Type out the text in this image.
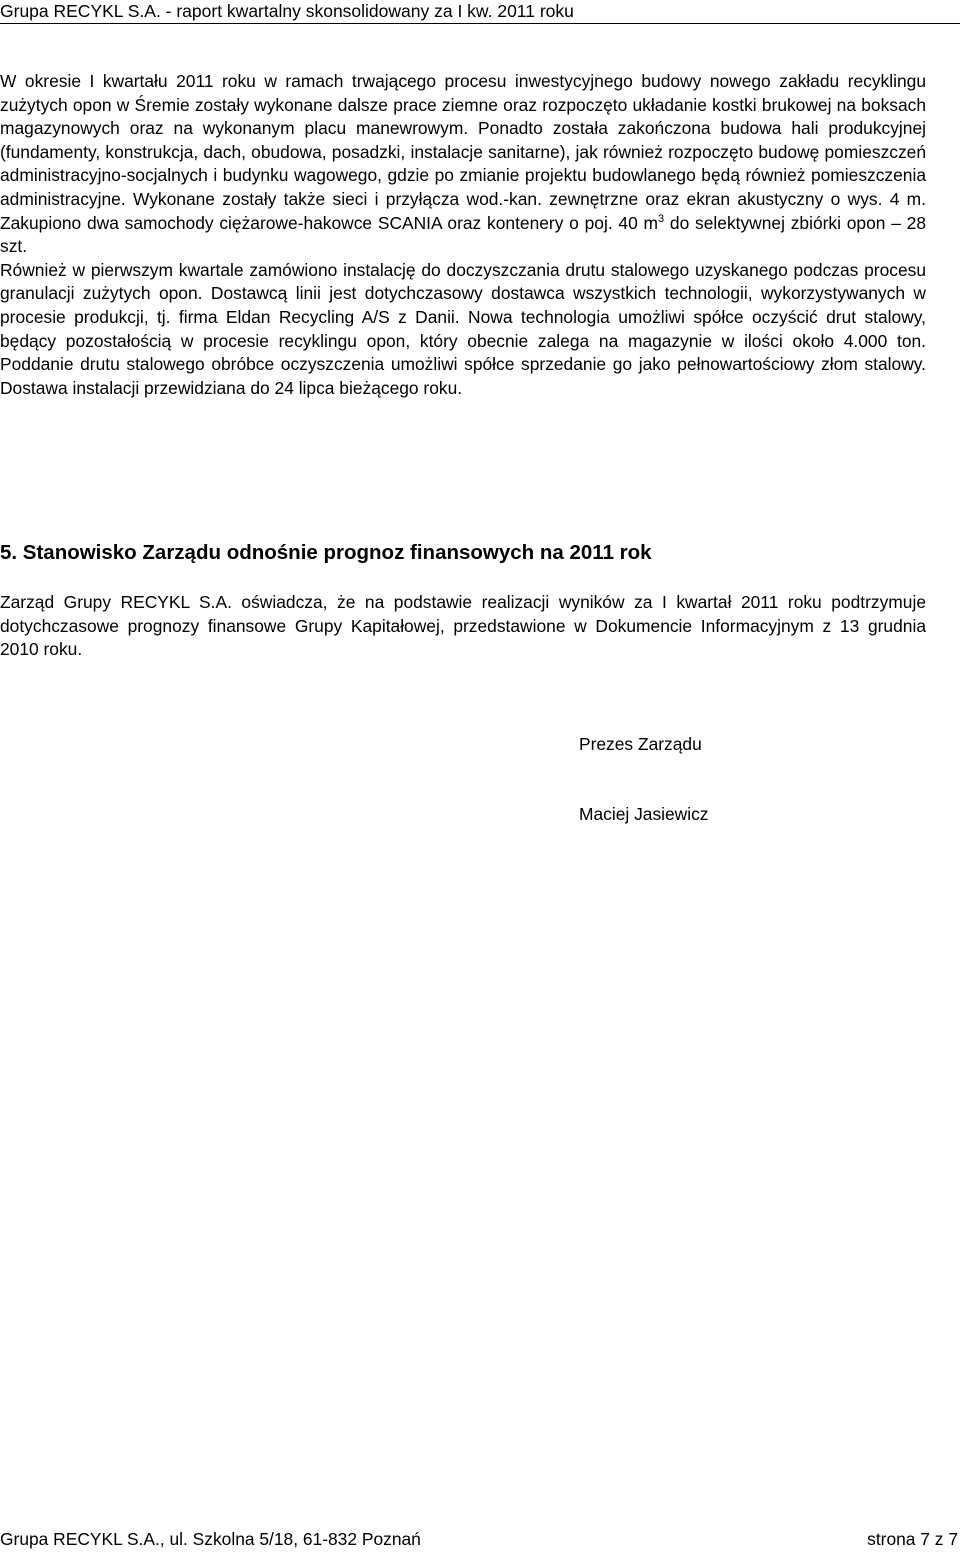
Grupa RECYKL S.A. - raport kwartalny skonsolidowany za I kw. 2011 roku

W okresie I kwartału 2011 roku w ramach trwającego procesu inwestycyjnego budowy nowego zakładu recyklingu zużytych opon w Śremie zostały wykonane dalsze prace ziemne oraz rozpoczęto układanie kostki brukowej na boksach magazynowych oraz na wykonanym placu manewrowym. Ponadto została zakończona budowa hali produkcyjnej (fundamenty, konstrukcja, dach, obudowa, posadzki, instalacje sanitarne), jak również rozpoczęto budowę pomieszczeń administracyjno-socjalnych i budynku wagowego, gdzie po zmianie projektu budowlanego będą również pomieszczenia administracyjne. Wykonane zostały także sieci i przyłącza wod.-kan. zewnętrzne oraz ekran akustyczny o wys. 4 m. Zakupiono dwa samochody ciężarowe-hakowce SCANIA oraz kontenery o poj. 40 $m^3$ do selektywnej zbiórki opon – 28 szt.

Również w pierwszym kwartale zamówiono instalację do doczyszczania drutu stalowego uzyskanego podczas procesu granulacji zużytych opon. Dostawcą linii jest dotychczasowy dostawca wszystkich technologii, wykorzystywanych w procesie produkcji, tj. firma Eldan Recycling A/S z Danii. Nowa technologia umożliwi spółce oczyścić drut stalowy, będący pozostałością w procesie recyklingu opon, który obecnie zalega na magazynie w ilości około 4.000 ton. Poddanie drutu stalowego obróbce oczyszczenia umożliwi spółce sprzedanie go jako pełnowartościowy złom stalowy. Dostawa instalacji przewidziana do 24 lipca bieżącego roku.

5. Stanowisko Zarządu odnośnie prognoz finansowych na 2011 rok

Zarząd Grupy RECYKL S.A. oświadcza, że na podstawie realizacji wyników za I kwartał 2011 roku podtrzymuje dotychczasowe prognozy finansowe Grupy Kapitałowej, przedstawione w Dokumencie Informacyjnym z 13 grudnia 2010 roku.

Prezes Zarządu
Maciej Jasiewicz
Grupa RECYKL S.A., ul. Szkolna 5/18, 61-832 Poznań	strona 7 z 7
